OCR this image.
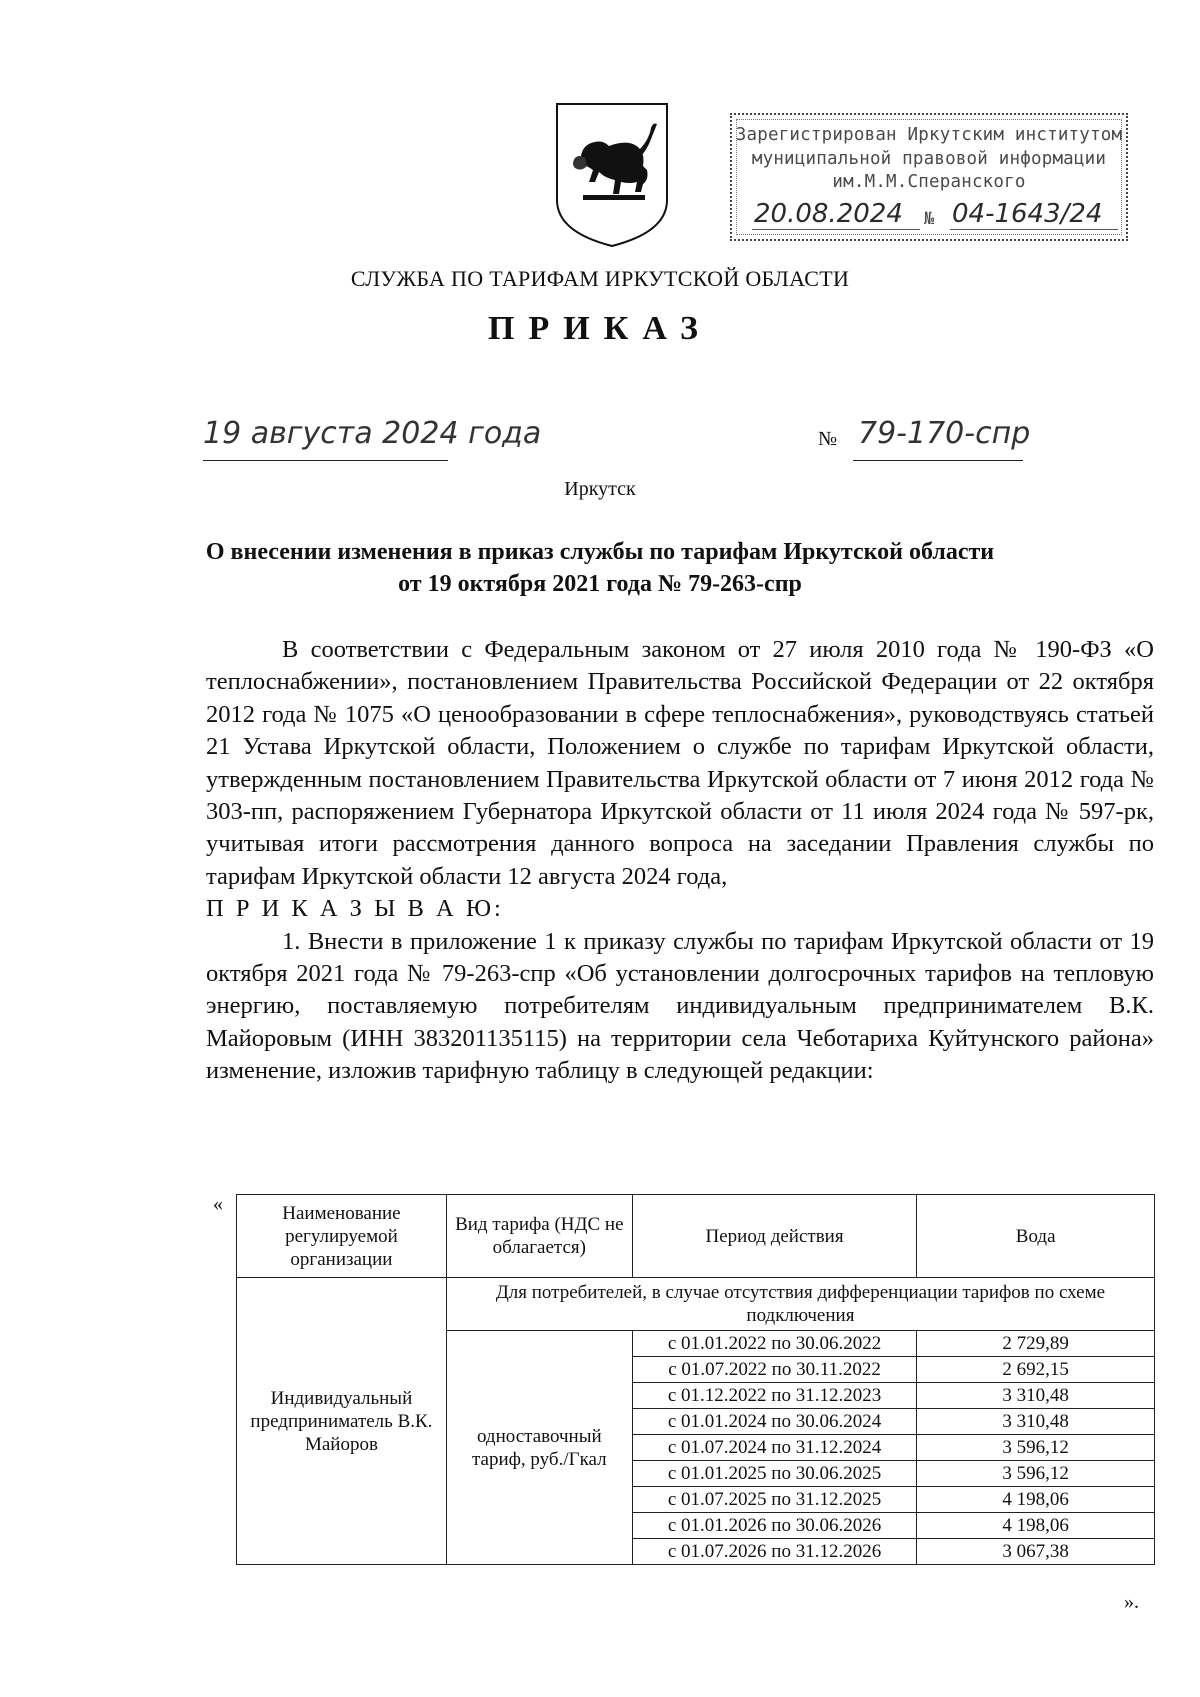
Зарегистрирован Иркутским институтом
муниципальной правовой информации
им.М.М.Сперанского
20.08.2024 № 04-1643/24
СЛУЖБА ПО ТАРИФАМ ИРКУТСКОЙ ОБЛАСТИ
ПРИКАЗ
19 августа 2024 года	№ 79-170-спр
Иркутск
О внесении изменения в приказ службы по тарифам Иркутской области
от 19 октября 2021 года № 79-263-спр

В соответствии с Федеральным законом от 27 июля 2010 года № 190-ФЗ «О теплоснабжении», постановлением Правительства Российской Федерации от 22 октября 2012 года № 1075 «О ценообразовании в сфере теплоснабжения», руководствуясь статьей 21 Устава Иркутской области, Положением о службе по тарифам Иркутской области, утвержденным постановлением Правительства Иркутской области от 7 июня 2012 года № 303-пп, распоряжением Губернатора Иркутской области от 11 июля 2024 года № 597-рк, учитывая итоги рассмотрения данного вопроса на заседании Правления службы по тарифам Иркутской области 12 августа 2024 года,

П Р И К А З Ы В А Ю:

1. Внести в приложение 1 к приказу службы по тарифам Иркутской области от 19 октября 2021 года № 79-263-спр «Об установлении долгосрочных тарифов на тепловую энергию, поставляемую потребителям индивидуальным предпринимателем В.К. Майоровым (ИНН 383201135115) на территории села Чеботариха Куйтунского района» изменение, изложив тарифную таблицу в следующей редакции:

«	Наименование регулируемой организации	Вид тарифа (НДС не облагается)	Период действия	Вода
Индивидуальный предприниматель В.К. Майоров	Для потребителей, в случае отсутствия дифференциации тарифов по схеме подключения		
	одноставочный тариф, руб./Гкал	с 01.01.2022 по 30.06.2022	2 729,89
		с 01.07.2022 по 30.11.2022	2 692,15
		с 01.12.2022 по 31.12.2023	3 310,48
		с 01.01.2024 по 30.06.2024	3 310,48
		с 01.07.2024 по 31.12.2024	3 596,12
		с 01.01.2025 по 30.06.2025	3 596,12
		с 01.07.2025 по 31.12.2025	4 198,06
		с 01.01.2026 по 30.06.2026	4 198,06
		с 01.07.2026 по 31.12.2026	3 067,38
».
